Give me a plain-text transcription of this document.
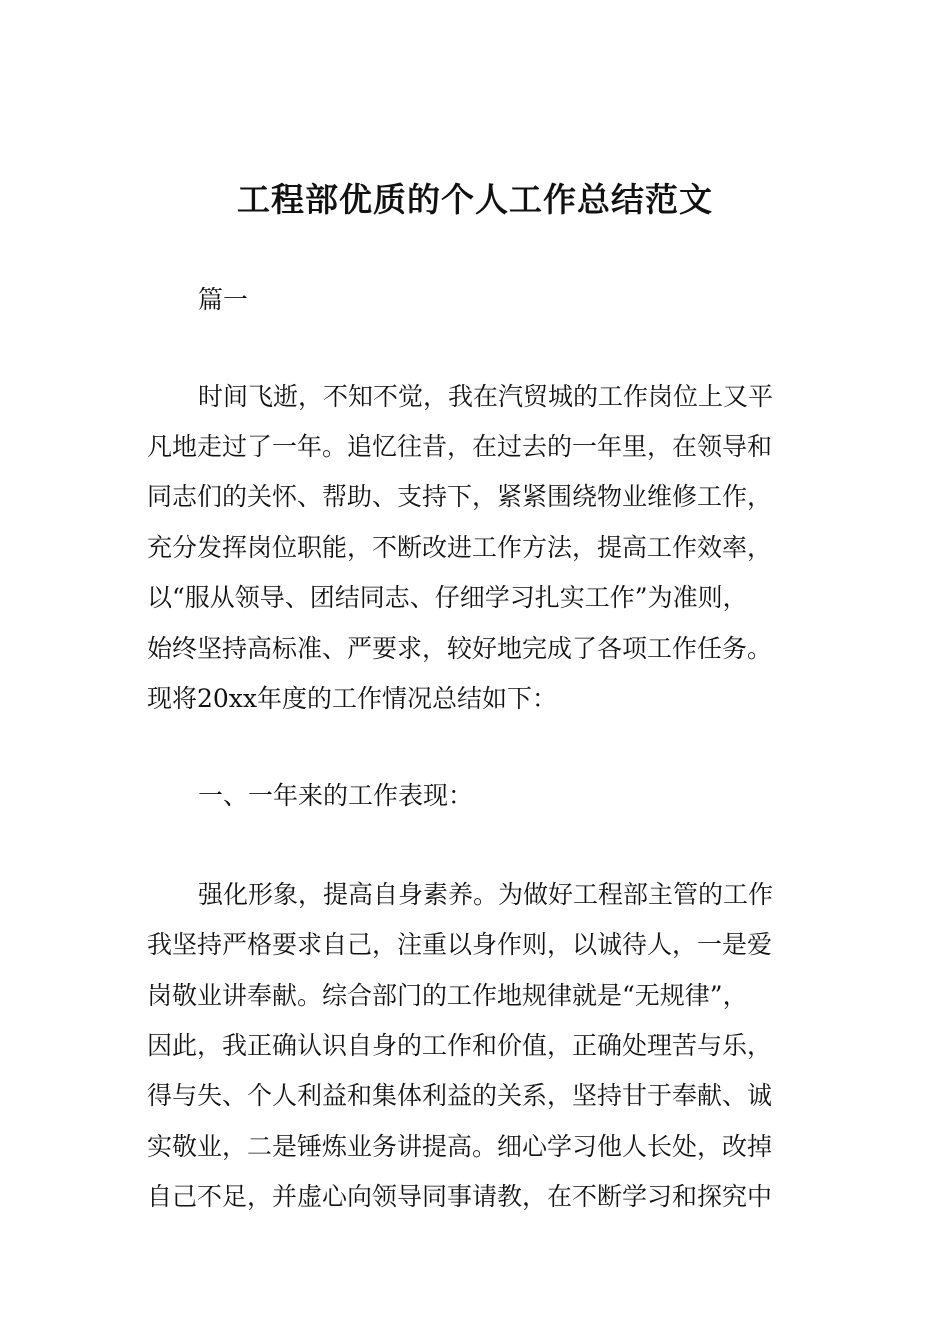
工程部优质的个人工作总结范文

篇一

时间飞逝，不知不觉，我在汽贸城的工作岗位上又平

凡地走过了一年。追忆往昔，在过去的一年里，在领导和

同志们的关怀、帮助、支持下，紧紧围绕物业维修工作，

充分发挥岗位职能，不断改进工作方法，提高工作效率，

以“服从领导、团结同志、仔细学习扎实工作”为准则，

始终坚持高标准、严要求，较好地完成了各项工作任务。

现将20xx年度的工作情况总结如下：

一、一年来的工作表现：

强化形象，提高自身素养。为做好工程部主管的工作

我坚持严格要求自己，注重以身作则，以诚待人，一是爱

岗敬业讲奉献。综合部门的工作地规律就是“无规律”，

因此，我正确认识自身的工作和价值，正确处理苦与乐，

得与失、个人利益和集体利益的关系，坚持甘于奉献、诚

实敬业，二是锤炼业务讲提高。细心学习他人长处，改掉

自己不足，并虚心向领导同事请教，在不断学习和探究中
